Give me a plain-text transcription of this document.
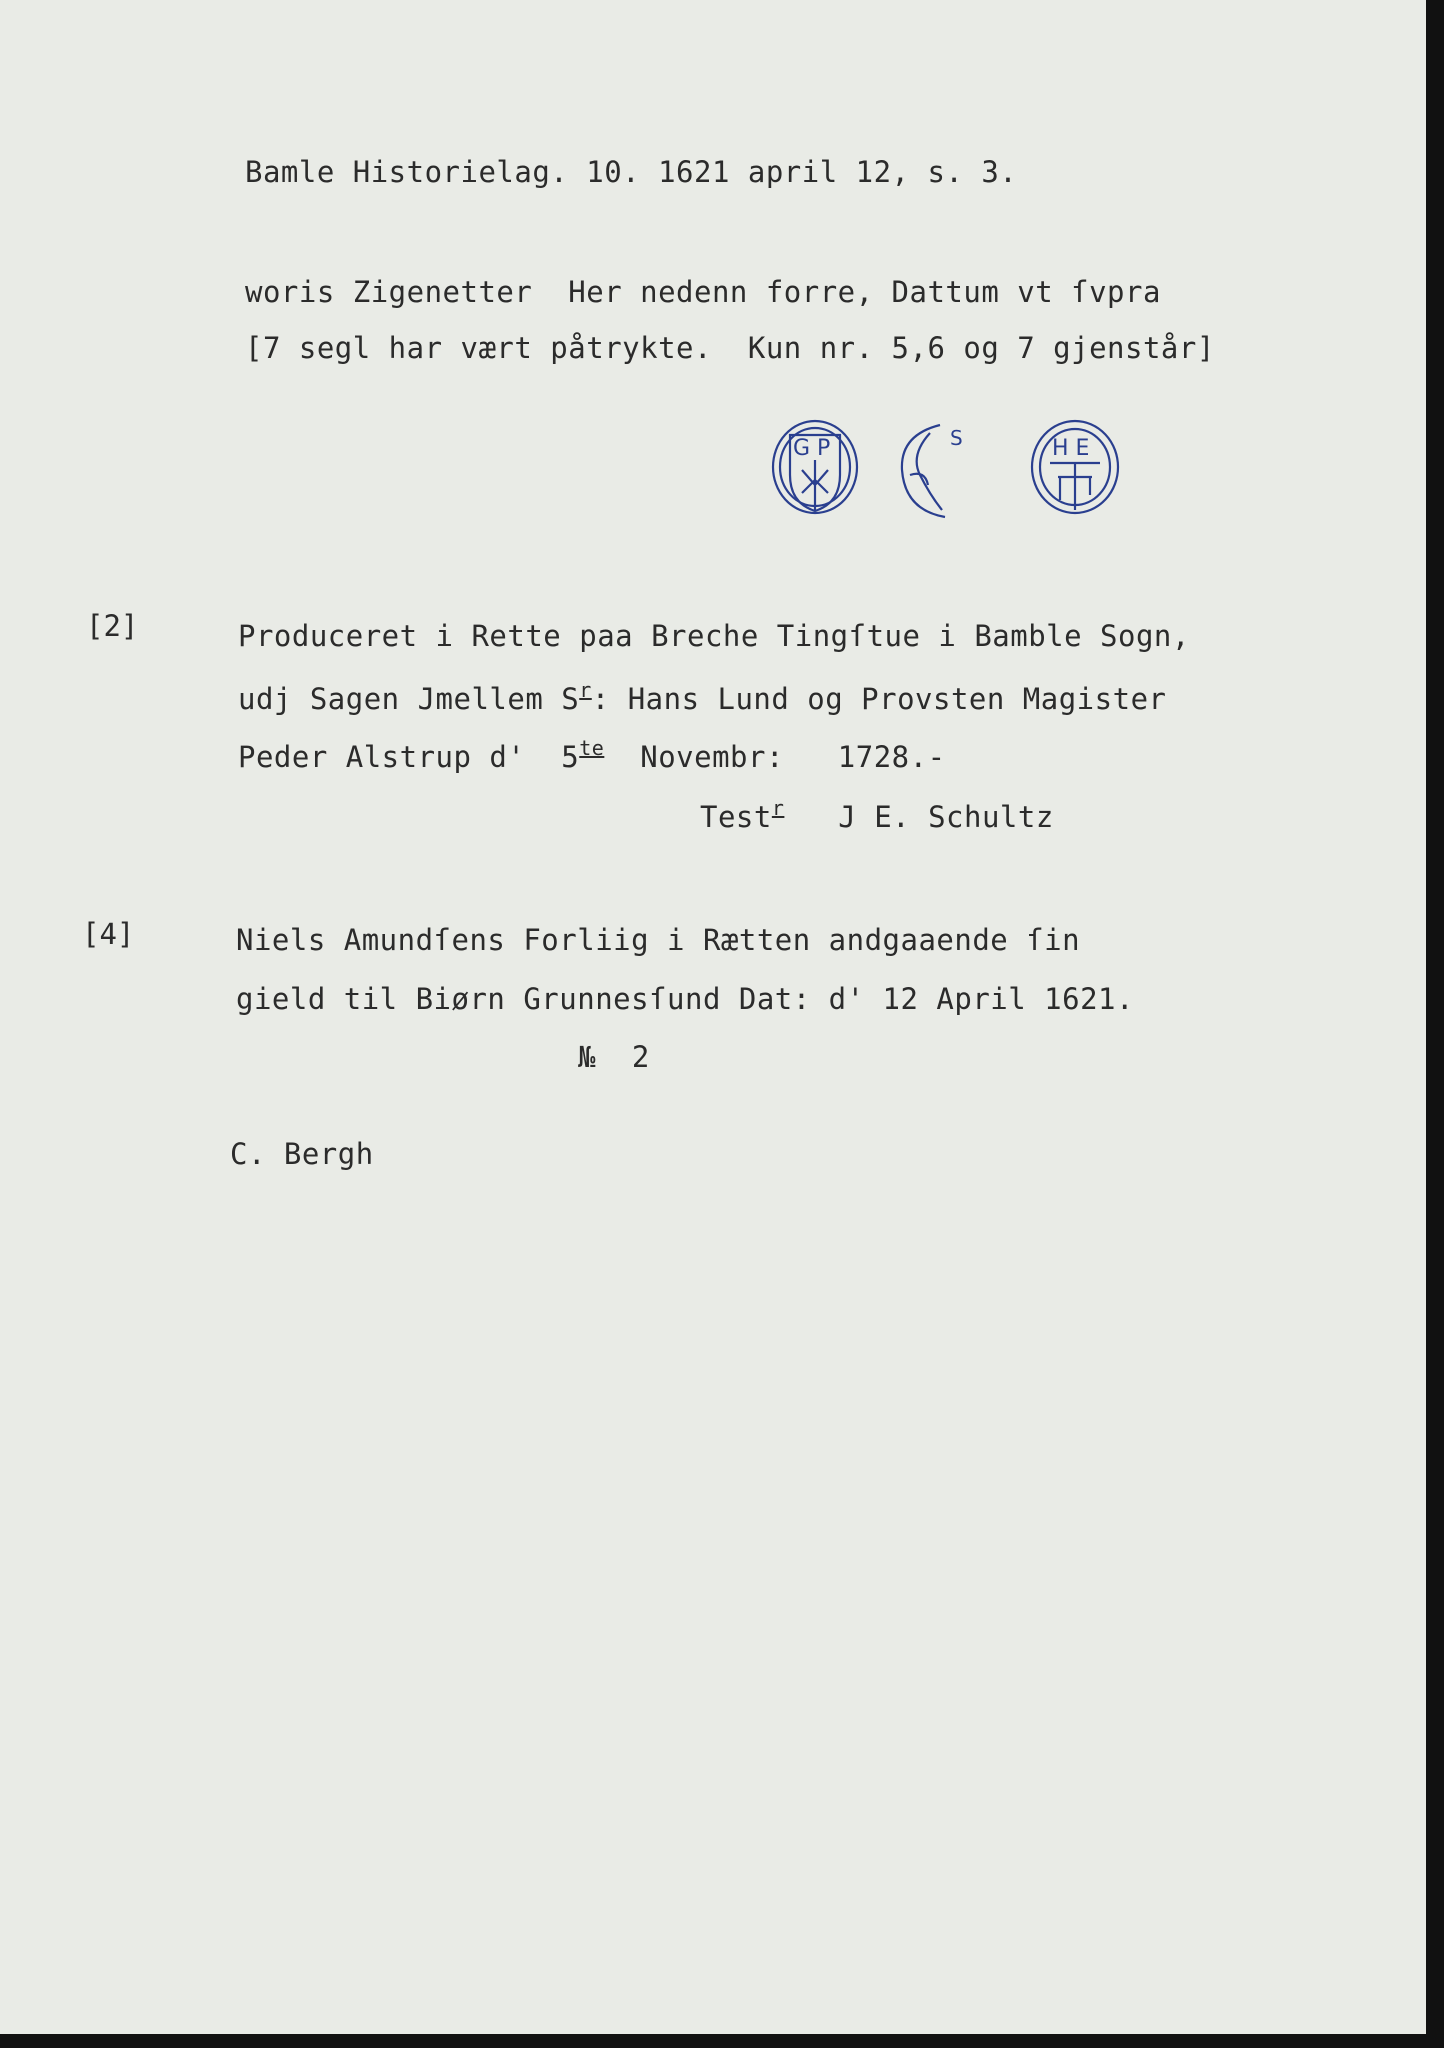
Bamle Historielag. 10. 1621 april 12, s. 3.
woris Zigenetter  Her nedenn forre, Dattum vt ſvpra
[7 segl har vært påtrykte.  Kun nr. 5,6 og 7 gjenstår]
G P	S	H E
[2]	Produceret i Rette paa Breche Tingſtue i Bamble Sogn,
udj Sagen Jmellem $S^r$: Hans Lund og Provsten Magister
Peder Alstrup d'  $5^{te}$  Novembr:   1728.-
Test$^r$   J E. Schultz
[4]	Niels Amundſens Forliig i Rætten andgaaende ſin
gield til Biørn Grunnesſund Dat: d' 12 April 1621.
№  2
C. Bergh
